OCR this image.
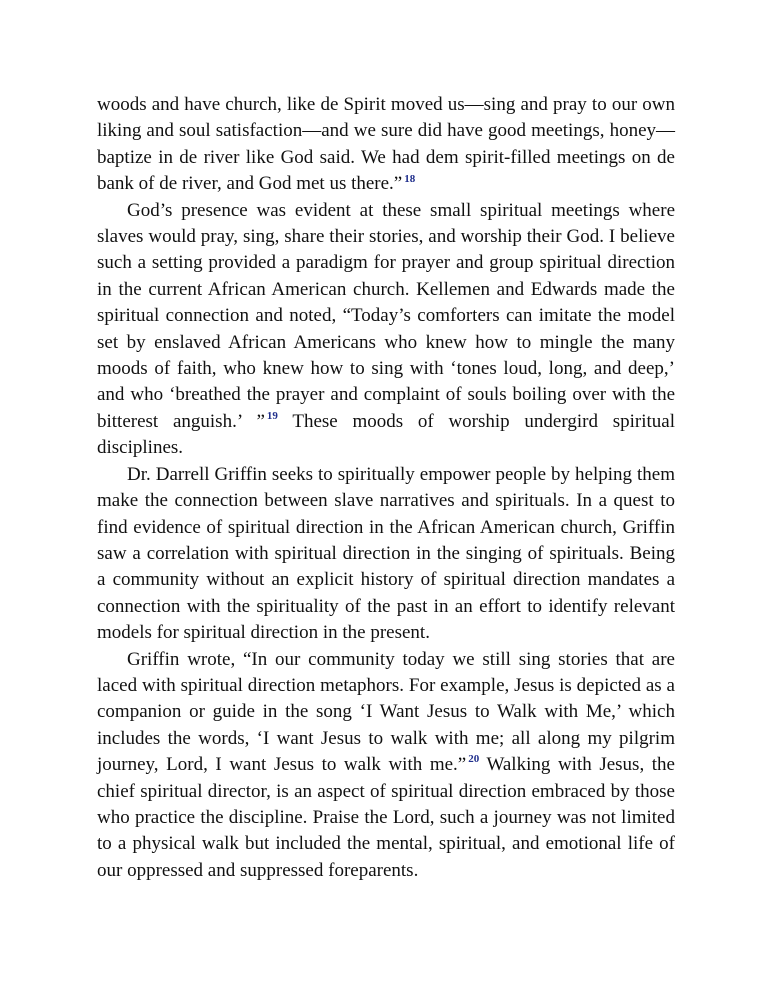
woods and have church, like de Spirit moved us—sing and pray to our own liking and soul satisfaction—and we sure did have good meetings, honey—baptize in de river like God said. We had dem spirit-filled meetings on de bank of de river, and God met us there.” $^{18}$

God’s presence was evident at these small spiritual meetings where slaves would pray, sing, share their stories, and worship their God. I believe such a setting provided a paradigm for prayer and group spiritual direction in the current African American church. Kellemen and Edwards made the spiritual connection and noted, “Today’s comforters can imitate the model set by enslaved African Americans who knew how to mingle the many moods of faith, who knew how to sing with ‘tones loud, long, and deep,’ and who ‘breathed the prayer and complaint of souls boiling over with the bitterest anguish.’ ” $^{19}$ These moods of worship undergird spiritual disciplines.

Dr. Darrell Griffin seeks to spiritually empower people by helping them make the connection between slave narratives and spirituals. In a quest to find evidence of spiritual direction in the African American church, Griffin saw a correlation with spiritual direction in the singing of spirituals. Being a community without an explicit history of spiritual direction mandates a connection with the spirituality of the past in an effort to identify relevant models for spiritual direction in the present.

Griffin wrote, “In our community today we still sing stories that are laced with spiritual direction metaphors. For example, Jesus is depicted as a companion or guide in the song ‘I Want Jesus to Walk with Me,’ which includes the words, ‘I want Jesus to walk with me; all along my pilgrim journey, Lord, I want Jesus to walk with me.” $^{20}$ Walking with Jesus, the chief spiritual director, is an aspect of spiritual direction embraced by those who practice the discipline. Praise the Lord, such a journey was not limited to a physical walk but included the mental, spiritual, and emotional life of our oppressed and suppressed foreparents.
